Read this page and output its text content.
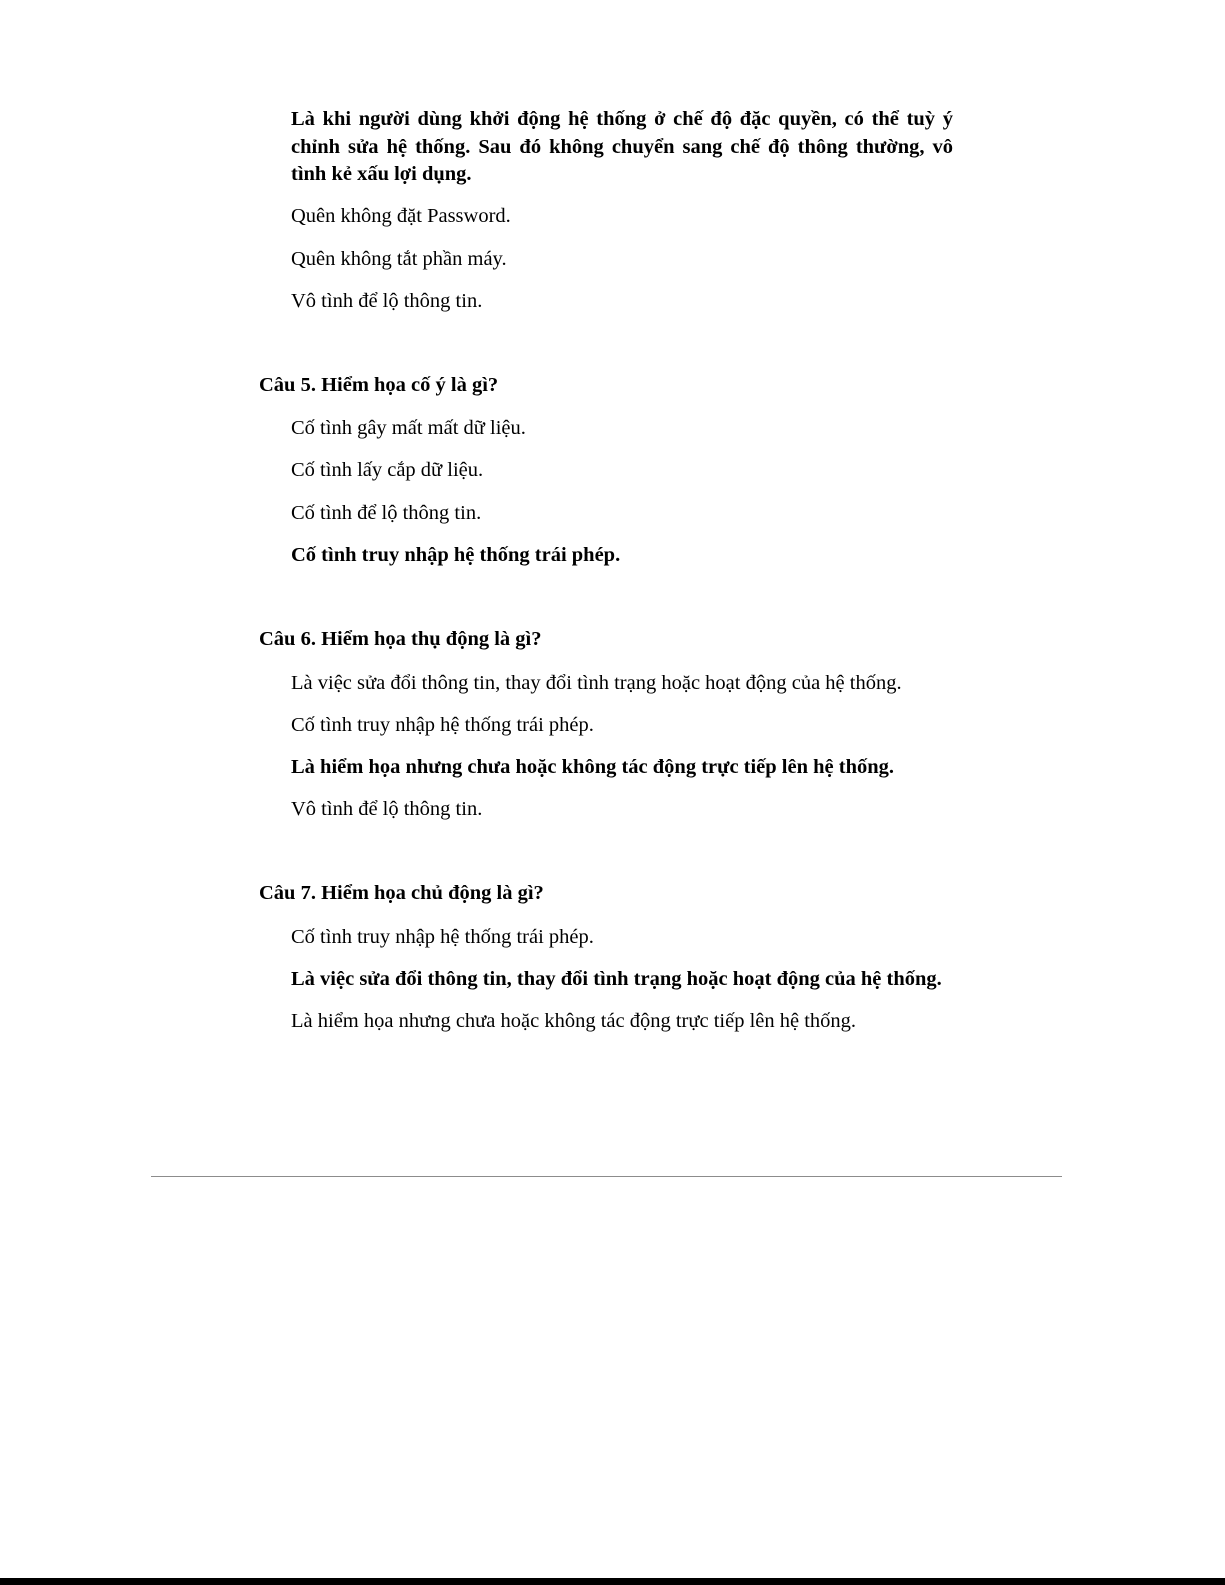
Là khi người dùng khởi động hệ thống ở chế độ đặc quyền, có thể tuỳ ý chỉnh sửa hệ thống. Sau đó không chuyển sang chế độ thông thường, vô tình kẻ xấu lợi dụng.
Quên không đặt Password.
Quên không tắt phần máy.
Vô tình để lộ thông tin.
Câu 5. Hiểm họa cố ý là gì?
Cố tình gây mất mất dữ liệu.
Cố tình lấy cắp dữ liệu.
Cố tình để lộ thông tin.
Cố tình truy nhập hệ thống trái phép.
Câu 6. Hiểm họa thụ động là gì?
Là việc sửa đổi thông tin, thay đổi tình trạng hoặc hoạt động của hệ thống.
Cố tình truy nhập hệ thống trái phép.
Là hiểm họa nhưng chưa hoặc không tác động trực tiếp lên hệ thống.
Vô tình để lộ thông tin.
Câu 7. Hiểm họa chủ động là gì?
Cố tình truy nhập hệ thống trái phép.
Là việc sửa đổi thông tin, thay đổi tình trạng hoặc hoạt động của hệ thống.
Là hiểm họa nhưng chưa hoặc không tác động trực tiếp lên hệ thống.
